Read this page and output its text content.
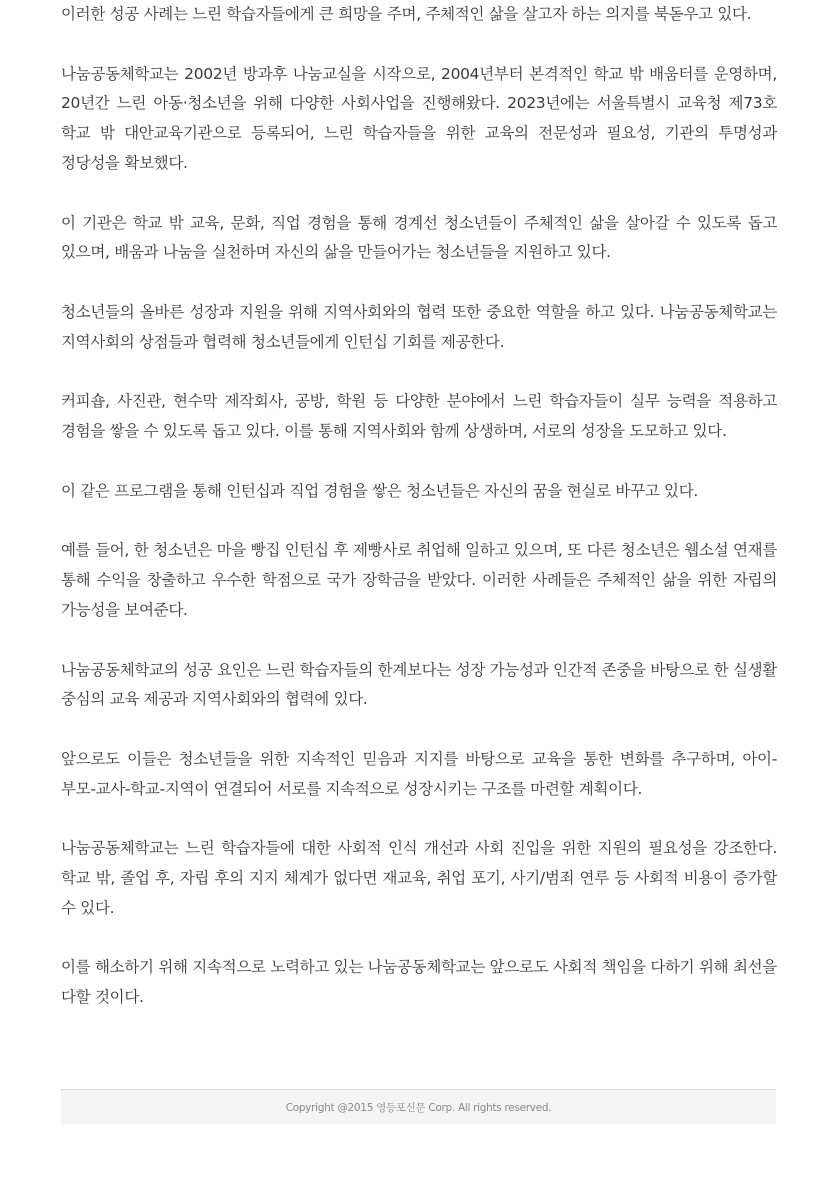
이러한 성공 사례는 느린 학습자들에게 큰 희망을 주며, 주체적인 삶을 살고자 하는 의지를 북돋우고 있다.

나눔공동체학교는 2002년 방과후 나눔교실을 시작으로, 2004년부터 본격적인 학교 밖 배움터를 운영하며, 20년간 느린 아동·청소년을 위해 다양한 사회사업을 진행해왔다. 2023년에는 서울특별시 교육청 제73호 학교 밖 대안교육기관으로 등록되어, 느린 학습자들을 위한 교육의 전문성과 필요성, 기관의 투명성과 정당성을 확보했다.

이 기관은 학교 밖 교육, 문화, 직업 경험을 통해 경계선 청소년들이 주체적인 삶을 살아갈 수 있도록 돕고 있으며, 배움과 나눔을 실천하며 자신의 삶을 만들어가는 청소년들을 지원하고 있다.

청소년들의 올바른 성장과 지원을 위해 지역사회와의 협력 또한 중요한 역할을 하고 있다. 나눔공동체학교는 지역사회의 상점들과 협력해 청소년들에게 인턴십 기회를 제공한다.

커피숍, 사진관, 현수막 제작회사, 공방, 학원 등 다양한 분야에서 느린 학습자들이 실무 능력을 적용하고 경험을 쌓을 수 있도록 돕고 있다. 이를 통해 지역사회와 함께 상생하며, 서로의 성장을 도모하고 있다.

이 같은 프로그램을 통해 인턴십과 직업 경험을 쌓은 청소년들은 자신의 꿈을 현실로 바꾸고 있다.

예를 들어, 한 청소년은 마을 빵집 인턴십 후 제빵사로 취업해 일하고 있으며, 또 다른 청소년은 웹소설 연재를 통해 수익을 창출하고 우수한 학점으로 국가 장학금을 받았다. 이러한 사례들은 주체적인 삶을 위한 자립의 가능성을 보여준다.

나눔공동체학교의 성공 요인은 느린 학습자들의 한계보다는 성장 가능성과 인간적 존중을 바탕으로 한 실생활 중심의 교육 제공과 지역사회와의 협력에 있다.

앞으로도 이들은 청소년들을 위한 지속적인 믿음과 지지를 바탕으로 교육을 통한 변화를 추구하며, 아이-부모-교사-학교-지역이 연결되어 서로를 지속적으로 성장시키는 구조를 마련할 계획이다.

나눔공동체학교는 느린 학습자들에 대한 사회적 인식 개선과 사회 진입을 위한 지원의 필요성을 강조한다. 학교 밖, 졸업 후, 자립 후의 지지 체계가 없다면 재교육, 취업 포기, 사기/범죄 연루 등 사회적 비용이 증가할 수 있다.

이를 해소하기 위해 지속적으로 노력하고 있는 나눔공동체학교는 앞으로도 사회적 책임을 다하기 위해 최선을 다할 것이다.

Copyright @2015 영등포신문 Corp. All rights reserved.
